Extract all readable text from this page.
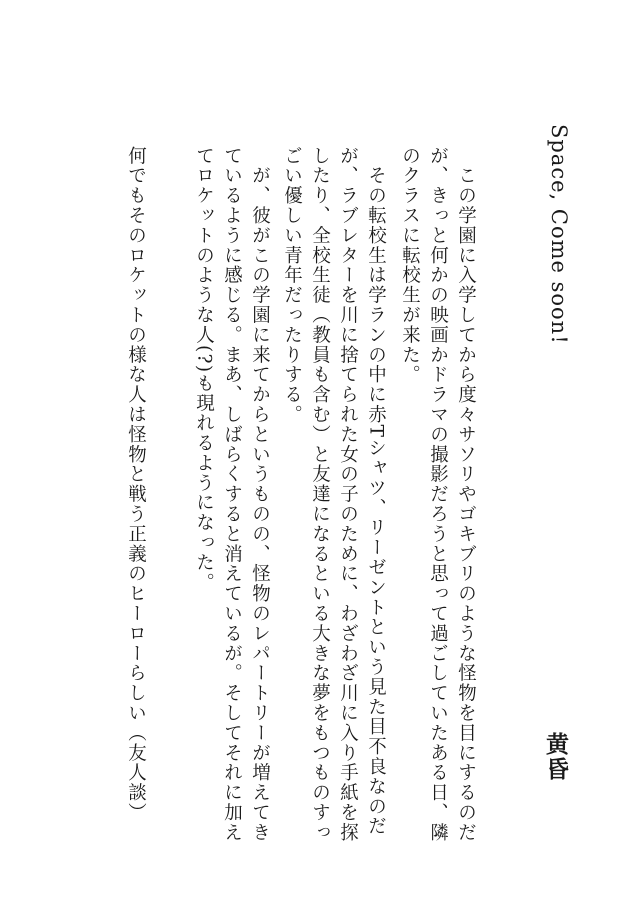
Space, Come soon!
黄昏
　この学園に入学してから度々サソリやゴキブリのような怪物を目にするのだ
が、きっと何かの映画かドラマの撮影だろうと思って過ごしていたある日、隣
のクラスに転校生が来た。
　その転校生は学ランの中に赤Tシャツ、リーゼントという見た目不良なのだ
が、ラブレターを川に捨てられた女の子のために、わざわざ川に入り手紙を探
したり、全校生徒（教員も含む）と友達になるといる大きな夢をもつものすっ
ごい優しい青年だったりする。
　が、彼がこの学園に来てからというものの、怪物のレパートリーが増えてき
ているように感じる。まあ、しばらくすると消えているが。そしてそれに加え
てロケットのような人(?)も現れるようになった。
何でもそのロケットの様な人は怪物と戦う正義のヒーローらしい（友人談）
